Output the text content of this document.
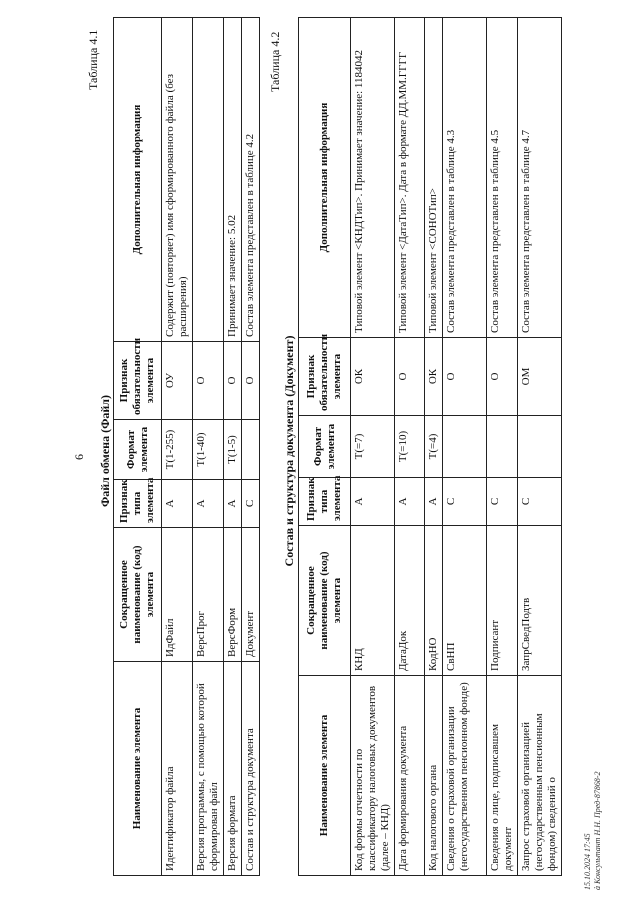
6
Таблица 4.1
Файл обмена (Файл)
Наименование элемента	Сокращенное наименование (код) элемента	Признак типа элемента	Формат элемента	Признак обязательности элемента	Дополнительная информация
Идентификатор файла	ИдФайл	А	Т(1-255)	ОУ	Содержит (повторяет) имя сформированного файла (без расширения)
Версия программы, с помощью которой сформирован файл	ВерсПрог	А	Т(1-40)	О	
Версия формата	ВерсФорм	А	Т(1-5)	О	Принимает значение: 5.02
Состав и структура документа	Документ	С		О	Состав элемента представлен в таблице 4.2
Таблица 4.2
Состав и структура документа (Документ)
Наименование элемента	Сокращенное наименование (код) элемента	Признак типа элемента	Формат элемента	Признак обязательности элемента	Дополнительная информация
Код формы отчетности по классификатору налоговых документов (далее – КНД)	КНД	А	Т(=7)	ОК	Типовой элемент <КНДТип>. Принимает значение: 1184042
Дата формирования документа	ДатаДок	А	Т(=10)	О	Типовой элемент <ДатаТип>. Дата в формате ДД.ММ.ГГГГ
Код налогового органа	КодНО	А	Т(=4)	ОК	Типовой элемент <СОНОТип>
Сведения о страховой организации (негосударственном пенсионном фонде)	СвНП	С		О	Состав элемента представлен в таблице 4.3
Сведения о лице, подписавшем документ	Подписант	С		О	Состав элемента представлен в таблице 4.5
Запрос страховой организацией (негосударственным пенсионным фондом) сведений о	ЗапрСведПодтв	С		ОМ	Состав элемента представлен в таблице 4.7
15.10.2024 17:45 à Консультант Н.Н. Пред-87868-2
